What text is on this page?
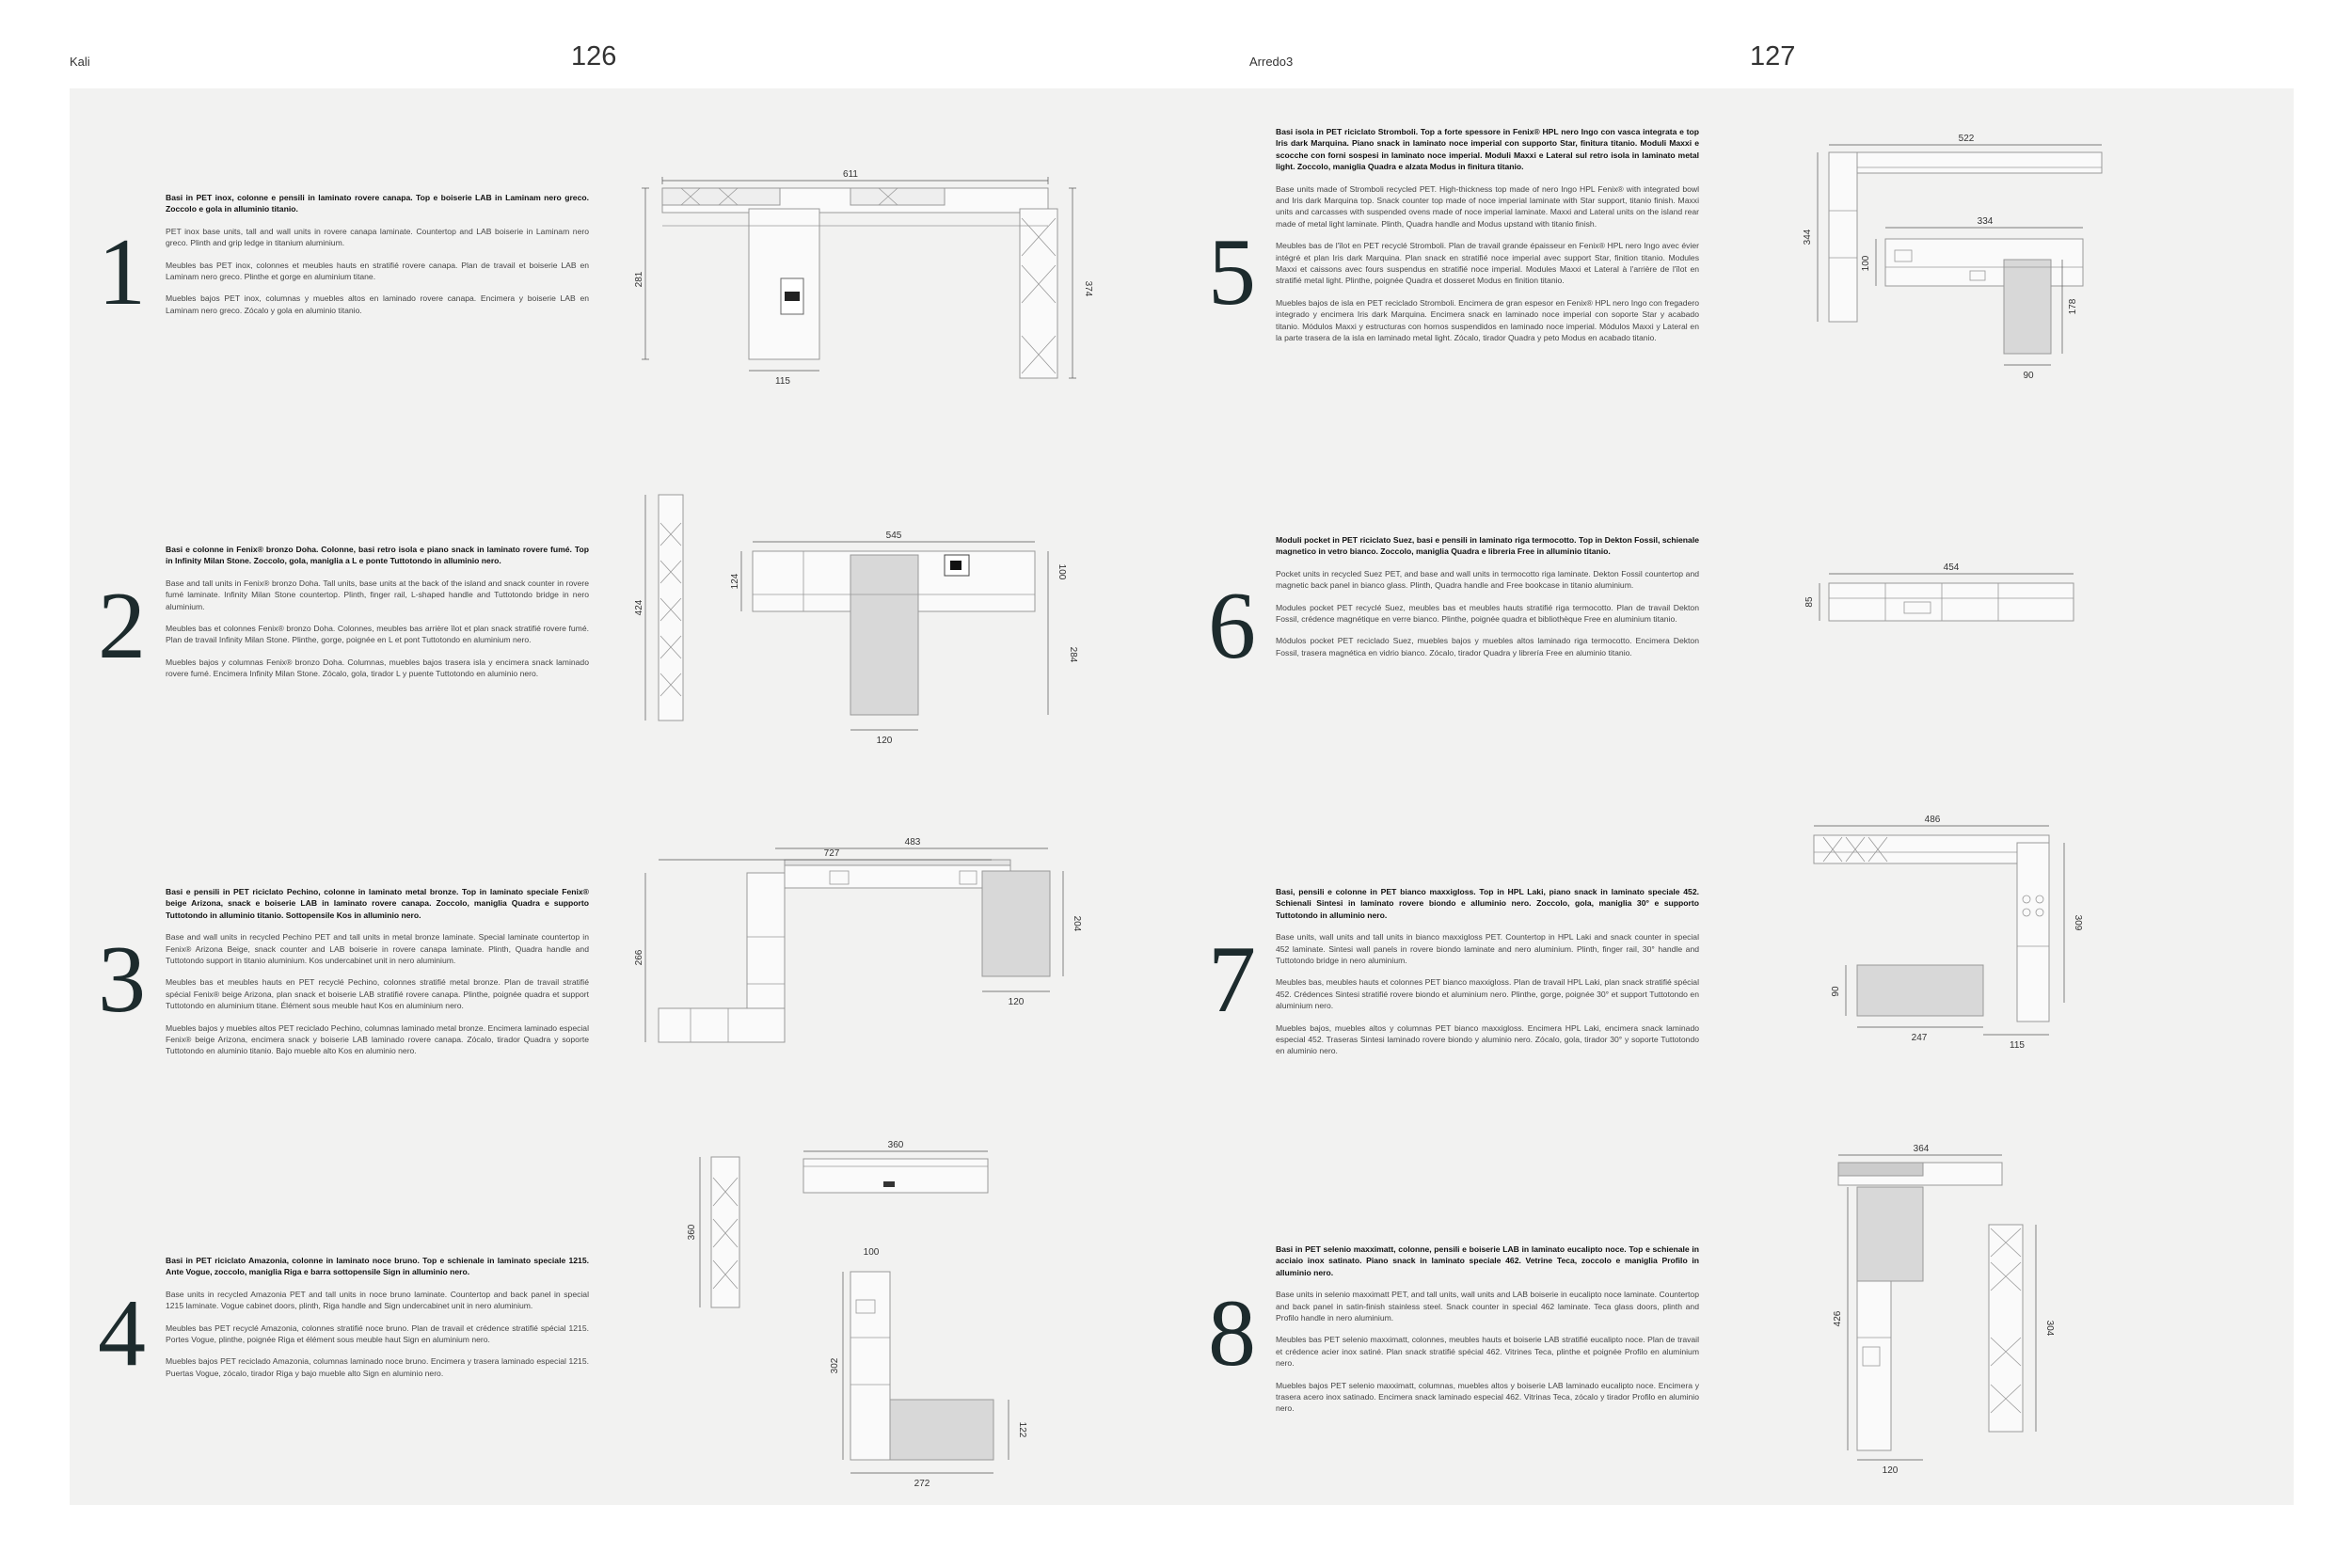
Kali	126	Arredo3	127
1

Basi in PET inox, colonne e pensili in laminato rovere canapa. Top e boiserie LAB in Laminam nero greco. Zoccolo e gola in alluminio titanio.

PET inox base units, tall and wall units in rovere canapa laminate. Countertop and LAB boiserie in Laminam nero greco. Plinth and grip ledge in titanium aluminium.

Meubles bas PET inox, colonnes et meubles hauts en stratifié rovere canapa. Plan de travail et boiserie LAB en Laminam nero greco. Plinthe et gorge en aluminium titane.

Muebles bajos PET inox, columnas y muebles altos en laminado rovere canapa. Encimera y boiserie LAB en Laminam nero greco. Zócalo y gola en aluminio titanio.

611
281
374
115
2

Basi e colonne in Fenix® bronzo Doha. Colonne, basi retro isola e piano snack in laminato rovere fumé. Top in Infinity Milan Stone. Zoccolo, gola, maniglia a L e ponte Tuttotondo in alluminio nero.

Base and tall units in Fenix® bronzo Doha. Tall units, base units at the back of the island and snack counter in rovere fumé laminate. Infinity Milan Stone countertop. Plinth, finger rail, L-shaped handle and Tuttotondo bridge in nero aluminium.

Meubles bas et colonnes Fenix® bronzo Doha. Colonnes, meubles bas arrière îlot et plan snack stratifié rovere fumé. Plan de travail Infinity Milan Stone. Plinthe, gorge, poignée en L et pont Tuttotondo en aluminium nero.

Muebles bajos y columnas Fenix® bronzo Doha. Columnas, muebles bajos trasera isla y encimera snack laminado rovere fumé. Encimera Infinity Milan Stone. Zócalo, gola, tirador L y puente Tuttotondo en aluminio nero.

424
545
124
100
284
120
3

Basi e pensili in PET riciclato Pechino, colonne in laminato metal bronze. Top in laminato speciale Fenix® beige Arizona, snack e boiserie LAB in laminato rovere canapa. Zoccolo, maniglia Quadra e supporto Tuttotondo in alluminio titanio. Sottopensile Kos in alluminio nero.

Base and wall units in recycled Pechino PET and tall units in metal bronze laminate. Special laminate countertop in Fenix® Arizona Beige, snack counter and LAB boiserie in rovere canapa laminate. Plinth, Quadra handle and Tuttotondo support in titanio aluminium. Kos undercabinet unit in nero aluminium.

Meubles bas et meubles hauts en PET recyclé Pechino, colonnes stratifié metal bronze. Plan de travail stratifié spécial Fenix® beige Arizona, plan snack et boiserie LAB stratifié rovere canapa. Plinthe, poignée quadra et support Tuttotondo en aluminium titane. Élément sous meuble haut Kos en aluminium nero.

Muebles bajos y muebles altos PET reciclado Pechino, columnas laminado metal bronze. Encimera laminado especial Fenix® beige Arizona, encimera snack y boiserie LAB laminado rovere canapa. Zócalo, tirador Quadra y soporte Tuttotondo en aluminio titanio. Bajo mueble alto Kos en aluminio nero.

483
727
266
204
120
4

Basi in PET riciclato Amazonia, colonne in laminato noce bruno. Top e schienale in laminato speciale 1215. Ante Vogue, zoccolo, maniglia Riga e barra sottopensile Sign in alluminio nero.

Base units in recycled Amazonia PET and tall units in noce bruno laminate. Countertop and back panel in special 1215 laminate. Vogue cabinet doors, plinth, Riga handle and Sign undercabinet unit in nero aluminium.

Meubles bas PET recyclé Amazonia, colonnes stratifié noce bruno. Plan de travail et crédence stratifié spécial 1215. Portes Vogue, plinthe, poignée Riga et élément sous meuble haut Sign en aluminium nero.

Muebles bajos PET reciclado Amazonia, columnas laminado noce bruno. Encimera y trasera laminado especial 1215. Puertas Vogue, zócalo, tirador Riga y bajo mueble alto Sign en aluminio nero.

360
360
100
302
122
272
5

Basi isola in PET riciclato Stromboli. Top a forte spessore in Fenix® HPL nero Ingo con vasca integrata e top Iris dark Marquina. Piano snack in laminato noce imperial con supporto Star, finitura titanio. Moduli Maxxi e scocche con forni sospesi in laminato noce imperial. Moduli Maxxi e Lateral sul retro isola in laminato metal light. Zoccolo, maniglia Quadra e alzata Modus in finitura titanio.

Base units made of Stromboli recycled PET. High-thickness top made of nero Ingo HPL Fenix® with integrated bowl and Iris dark Marquina top. Snack counter top made of noce imperial laminate with Star support, titanio finish. Maxxi units and carcasses with suspended ovens made of noce imperial laminate. Maxxi and Lateral units on the island rear made of metal light laminate. Plinth, Quadra handle and Modus upstand with titanio finish.

Meubles bas de l'îlot en PET recyclé Stromboli. Plan de travail grande épaisseur en Fenix® HPL nero Ingo avec évier intégré et plan Iris dark Marquina. Plan snack en stratifié noce imperial avec support Star, finition titanio. Modules Maxxi et caissons avec fours suspendus en stratifié noce imperial. Modules Maxxi et Lateral à l'arrière de l'îlot en stratifié metal light. Plinthe, poignée Quadra et dosseret Modus en finition titanio.

Muebles bajos de isla en PET reciclado Stromboli. Encimera de gran espesor en Fenix® HPL nero Ingo con fregadero integrado y encimera Iris dark Marquina. Encimera snack en laminado noce imperial con soporte Star y acabado titanio. Módulos Maxxi y estructuras con hornos suspendidos en laminado noce imperial. Módulos Maxxi y Lateral en la parte trasera de la isla en laminado metal light. Zócalo, tirador Quadra y peto Modus en acabado titanio.

522
344
334
100
178
90
6

Moduli pocket in PET riciclato Suez, basi e pensili in laminato riga termocotto. Top in Dekton Fossil, schienale magnetico in vetro bianco. Zoccolo, maniglia Quadra e libreria Free in alluminio titanio.

Pocket units in recycled Suez PET, and base and wall units in termocotto riga laminate. Dekton Fossil countertop and magnetic back panel in bianco glass. Plinth, Quadra handle and Free bookcase in titanio aluminium.

Modules pocket PET recyclé Suez, meubles bas et meubles hauts stratifié riga termocotto. Plan de travail Dekton Fossil, crédence magnétique en verre bianco. Plinthe, poignée quadra et bibliothèque Free en aluminium titanio.

Módulos pocket PET reciclado Suez, muebles bajos y muebles altos laminado riga termocotto. Encimera Dekton Fossil, trasera magnética en vidrio bianco. Zócalo, tirador Quadra y librería Free en aluminio titanio.

454
85
7

Basi, pensili e colonne in PET bianco maxxigloss. Top in HPL Laki, piano snack in laminato speciale 452. Schienali Sintesi in laminato rovere biondo e alluminio nero. Zoccolo, gola, maniglia 30° e supporto Tuttotondo in alluminio nero.

Base units, wall units and tall units in bianco maxxigloss PET. Countertop in HPL Laki and snack counter in special 452 laminate. Sintesi wall panels in rovere biondo laminate and nero aluminium. Plinth, finger rail, 30° handle and Tuttotondo bridge in nero aluminium.

Meubles bas, meubles hauts et colonnes PET bianco maxxigloss. Plan de travail HPL Laki, plan snack stratifié spécial 452. Crédences Sintesi stratifié rovere biondo et aluminium nero. Plinthe, gorge, poignée 30° et support Tuttotondo en aluminium nero.

Muebles bajos, muebles altos y columnas PET bianco maxxigloss. Encimera HPL Laki, encimera snack laminado especial 452. Traseras Sintesi laminado rovere biondo y aluminio nero. Zócalo, gola, tirador 30° y soporte Tuttotondo en aluminio nero.

486
309
90
247
115
8

Basi in PET selenio maxximatt, colonne, pensili e boiserie LAB in laminato eucalipto noce. Top e schienale in acciaio inox satinato. Piano snack in laminato speciale 462. Vetrine Teca, zoccolo e maniglia Profilo in alluminio nero.

Base units in selenio maxximatt PET, and tall units, wall units and LAB boiserie in eucalipto noce laminate. Countertop and back panel in satin-finish stainless steel. Snack counter in special 462 laminate. Teca glass doors, plinth and Profilo handle in nero aluminium.

Meubles bas PET selenio maxximatt, colonnes, meubles hauts et boiserie LAB stratifié eucalipto noce. Plan de travail et crédence acier inox satiné. Plan snack stratifié spécial 462. Vitrines Teca, plinthe et poignée Profilo en aluminium nero.

Muebles bajos PET selenio maxximatt, columnas, muebles altos y boiserie LAB laminado eucalipto noce. Encimera y trasera acero inox satinado. Encimera snack laminado especial 462. Vitrinas Teca, zócalo y tirador Profilo en aluminio nero.

364
426
304
120
